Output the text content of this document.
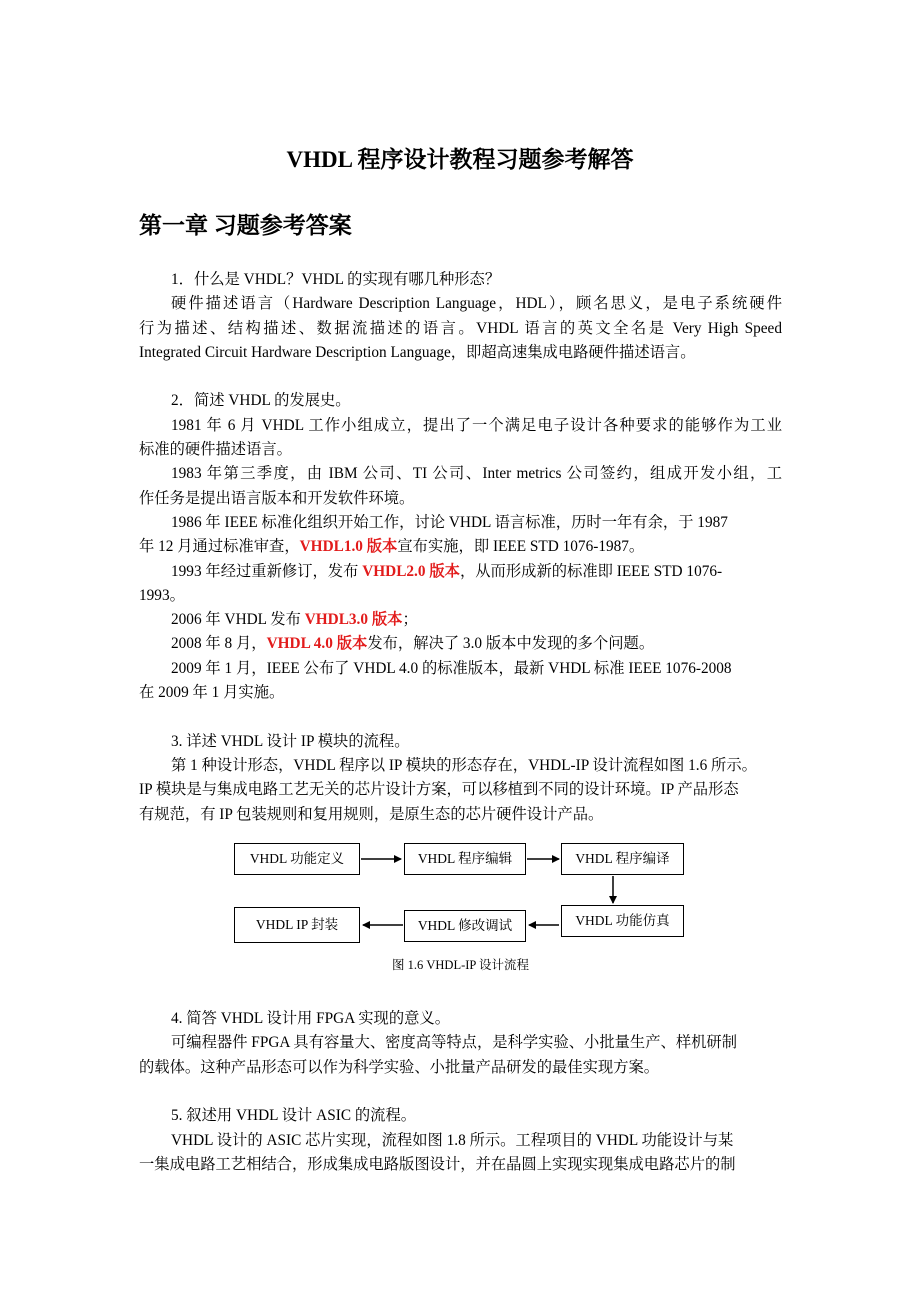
VHDL 程序设计教程习题参考解答
第一章 习题参考答案
1．什么是 VHDL？VHDL 的实现有哪几种形态？
硬件描述语言（Hardware Description Language，HDL），顾名思义，是电子系统硬件
行为描述、结构描述、数据流描述的语言。VHDL 语言的英文全名是 Very High Speed
Integrated Circuit Hardware Description Language，即超高速集成电路硬件描述语言。
2．简述 VHDL 的发展史。
1981 年 6 月 VHDL 工作小组成立，提出了一个满足电子设计各种要求的能够作为工业
标准的硬件描述语言。
1983 年第三季度，由 IBM 公司、TI 公司、Inter metrics 公司签约，组成开发小组，工
作任务是提出语言版本和开发软件环境。
1986 年 IEEE 标准化组织开始工作，讨论 VHDL 语言标准，历时一年有余，于 1987
年 12 月通过标准审查，VHDL1.0 版本宣布实施，即 IEEE STD 1076-1987。
1993 年经过重新修订，发布 VHDL2.0 版本，从而形成新的标准即 IEEE STD 1076-
1993。
2006 年 VHDL 发布 VHDL3.0 版本；
2008 年 8 月，VHDL 4.0 版本发布，解决了 3.0 版本中发现的多个问题。
2009 年 1 月，IEEE 公布了 VHDL 4.0 的标准版本，最新 VHDL 标准 IEEE 1076-2008
在 2009 年 1 月实施。
3. 详述 VHDL 设计 IP 模块的流程。
第 1 种设计形态，VHDL 程序以 IP 模块的形态存在，VHDL-IP 设计流程如图 1.6 所示。
IP 模块是与集成电路工艺无关的芯片设计方案，可以移植到不同的设计环境。IP 产品形态
有规范，有 IP 包装规则和复用规则，是原生态的芯片硬件设计产品。
VHDL 功能定义	VHDL 程序编辑	VHDL 程序编译
VHDL 功能仿真
VHDL 修改调试
VHDL IP 封装
图 1.6 VHDL-IP 设计流程
4. 简答 VHDL 设计用 FPGA 实现的意义。
可编程器件 FPGA 具有容量大、密度高等特点，是科学实验、小批量生产、样机研制
的载体。这种产品形态可以作为科学实验、小批量产品研发的最佳实现方案。
5. 叙述用 VHDL 设计 ASIC 的流程。
VHDL 设计的 ASIC 芯片实现，流程如图 1.8 所示。工程项目的 VHDL 功能设计与某
一集成电路工艺相结合，形成集成电路版图设计，并在晶圆上实现实现集成电路芯片的制
